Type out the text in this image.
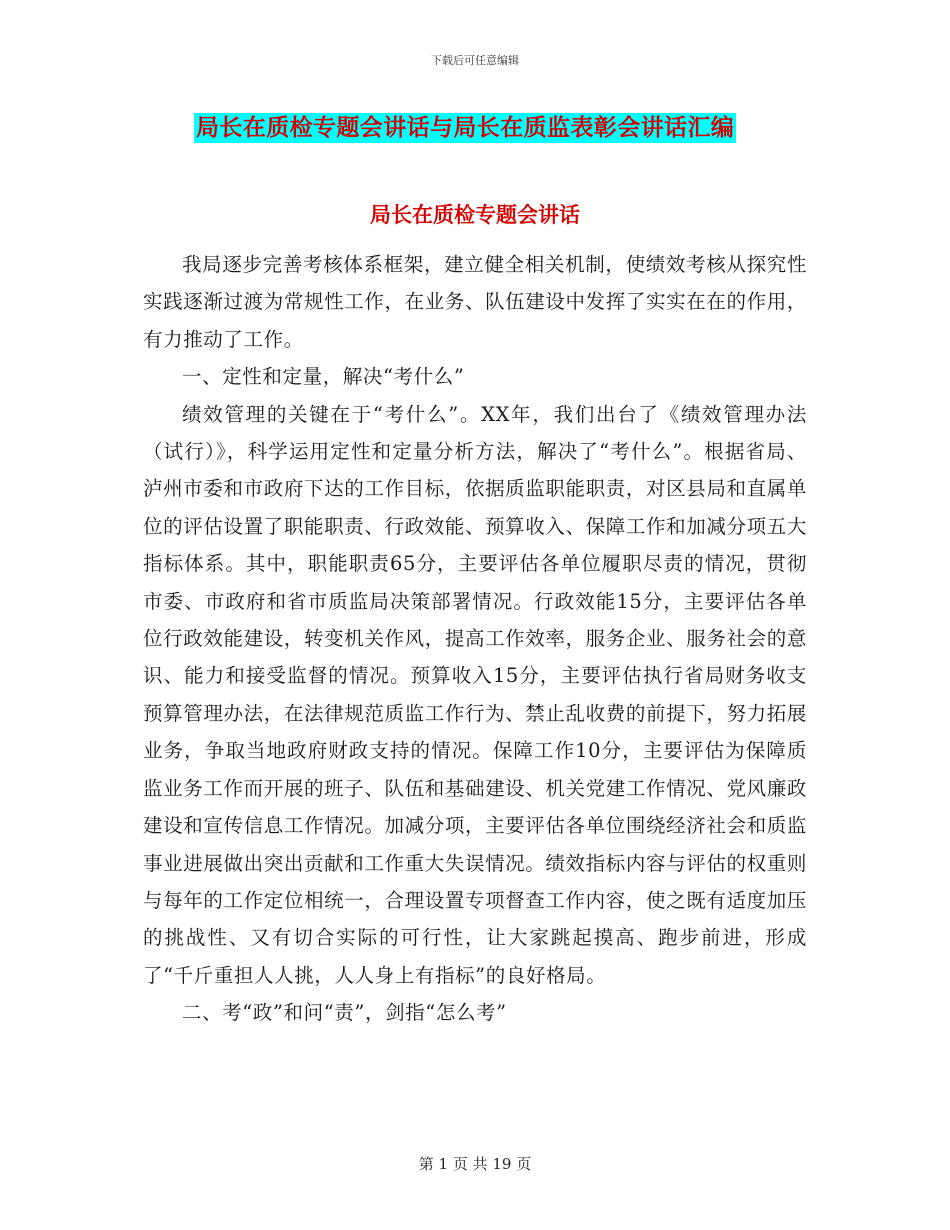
下载后可任意编辑
局长在质检专题会讲话与局长在质监表彰会讲话汇编
局长在质检专题会讲话

我局逐步完善考核体系框架，建立健全相关机制，使绩效考核从探究性实践逐渐过渡为常规性工作，在业务、队伍建设中发挥了实实在在的作用，有力推动了工作。

一、定性和定量，解决“考什么”

绩效管理的关键在于“考什么”。XX年，我们出台了《绩效管理办法（试行）》，科学运用定性和定量分析方法，解决了“考什么”。根据省局、泸州市委和市政府下达的工作目标，依据质监职能职责，对区县局和直属单位的评估设置了职能职责、行政效能、预算收入、保障工作和加减分项五大指标体系。其中，职能职责65分，主要评估各单位履职尽责的情况，贯彻市委、市政府和省市质监局决策部署情况。行政效能15分，主要评估各单位行政效能建设，转变机关作风，提高工作效率，服务企业、服务社会的意识、能力和接受监督的情况。预算收入15分，主要评估执行省局财务收支预算管理办法，在法律规范质监工作行为、禁止乱收费的前提下，努力拓展业务，争取当地政府财政支持的情况。保障工作10分，主要评估为保障质监业务工作而开展的班子、队伍和基础建设、机关党建工作情况、党风廉政建设和宣传信息工作情况。加减分项，主要评估各单位围绕经济社会和质监事业进展做出突出贡献和工作重大失误情况。绩效指标内容与评估的权重则与每年的工作定位相统一，合理设置专项督查工作内容，使之既有适度加压的挑战性、又有切合实际的可行性，让大家跳起摸高、跑步前进，形成了“千斤重担人人挑，人人身上有指标”的良好格局。

二、考“政”和问“责”，剑指“怎么考”

第 1 页 共 19 页
